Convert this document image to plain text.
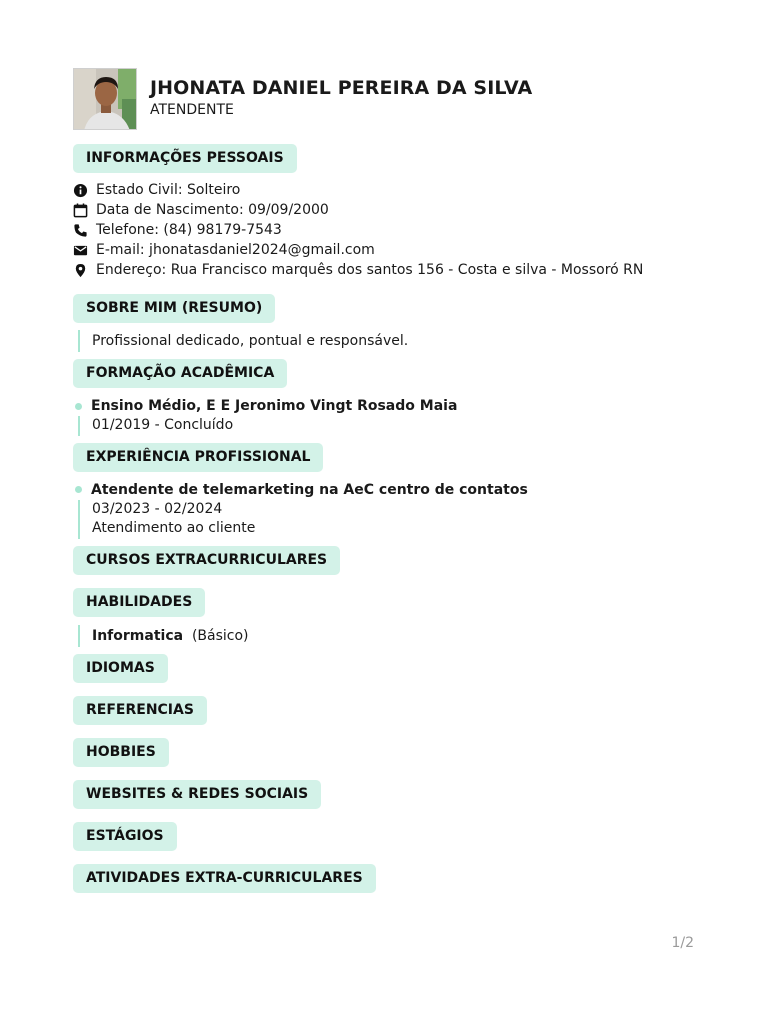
JHONATA DANIEL PEREIRA DA SILVA
ATENDENTE
INFORMAÇÕES PESSOAIS
Estado Civil: Solteiro
Data de Nascimento: 09/09/2000
Telefone: (84) 98179-7543
E-mail: jhonatasdaniel2024@gmail.com
Endereço: Rua Francisco marquês dos santos 156 - Costa e silva - Mossoró RN
SOBRE MIM (RESUMO)
Profissional dedicado, pontual e responsável.
FORMAÇÃO ACADÊMICA
Ensino Médio, E E Jeronimo Vingt Rosado Maia
01/2019 - Concluído
EXPERIÊNCIA PROFISSIONAL
Atendente de telemarketing na AeC centro de contatos
03/2023 - 02/2024
Atendimento ao cliente
CURSOS EXTRACURRICULARES
HABILIDADES
Informatica (Básico)
IDIOMAS
REFERENCIAS
HOBBIES
WEBSITES & REDES SOCIAIS
ESTÁGIOS
ATIVIDADES EXTRA-CURRICULARES
1/2
